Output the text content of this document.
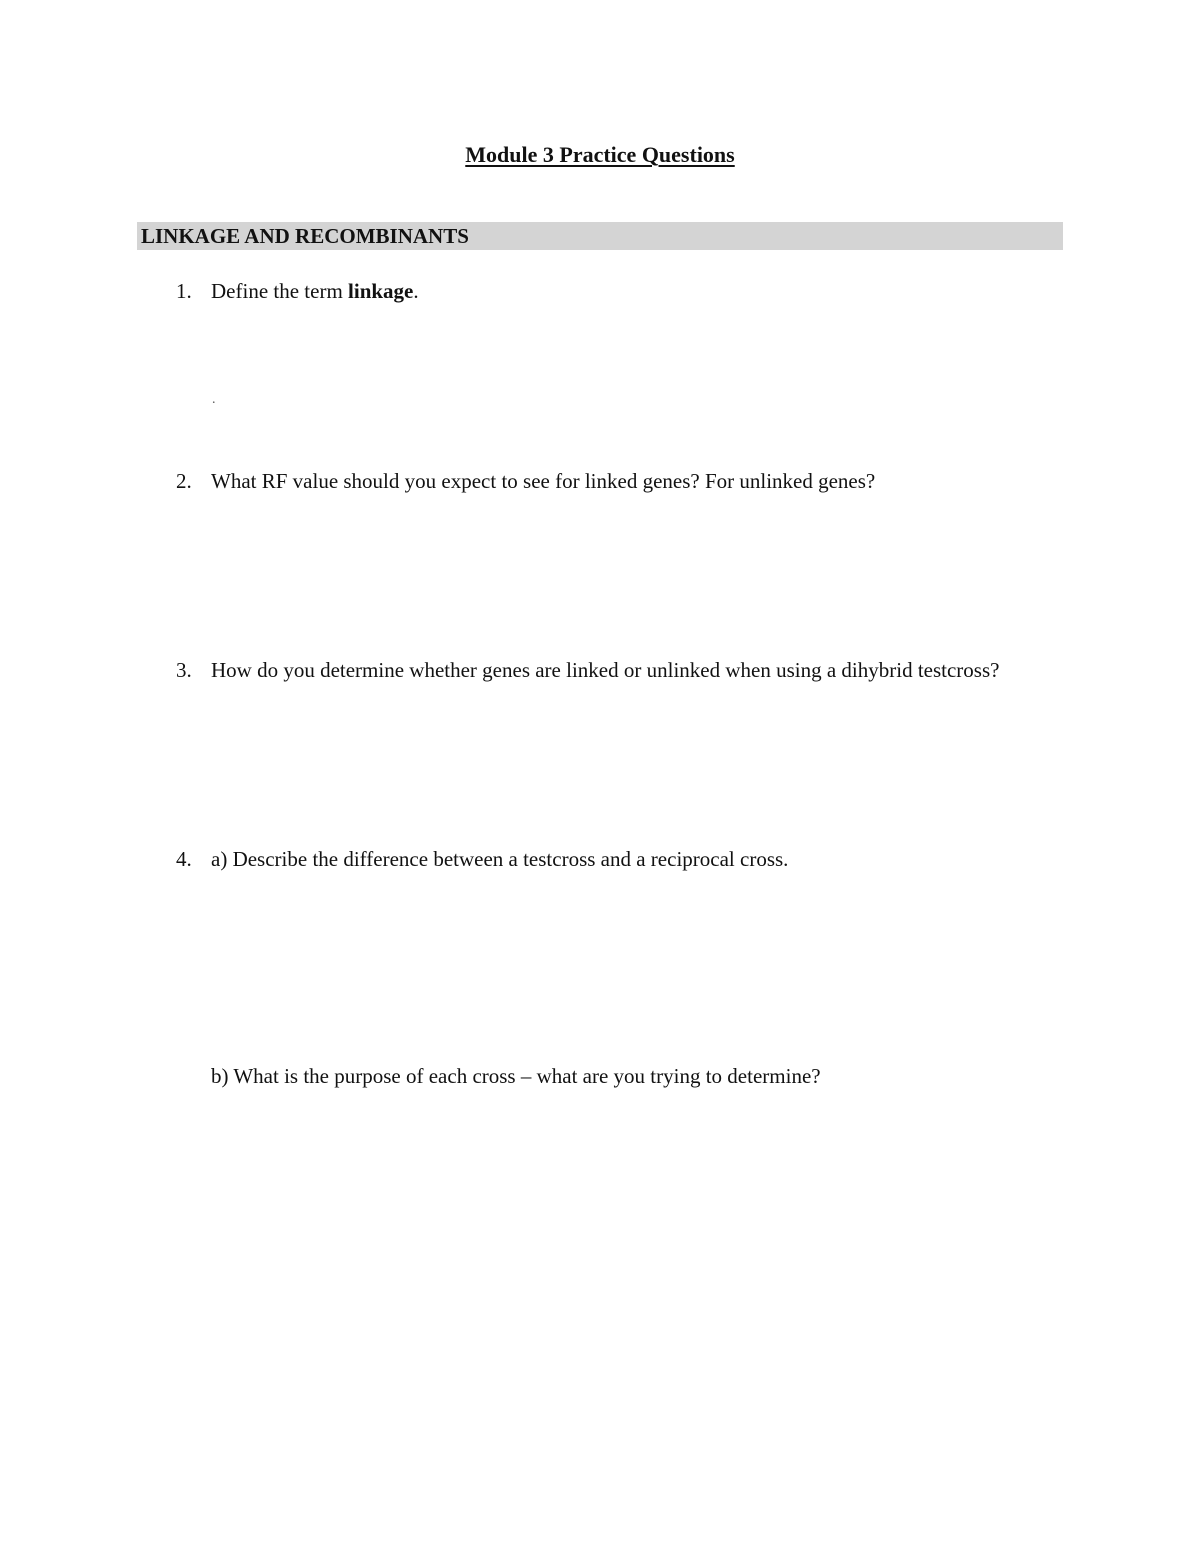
Module 3 Practice Questions
LINKAGE AND RECOMBINANTS
1. Define the term linkage.
.
2. What RF value should you expect to see for linked genes? For unlinked genes?
3. How do you determine whether genes are linked or unlinked when using a dihybrid testcross?
4. a) Describe the difference between a testcross and a reciprocal cross.
b) What is the purpose of each cross – what are you trying to determine?
